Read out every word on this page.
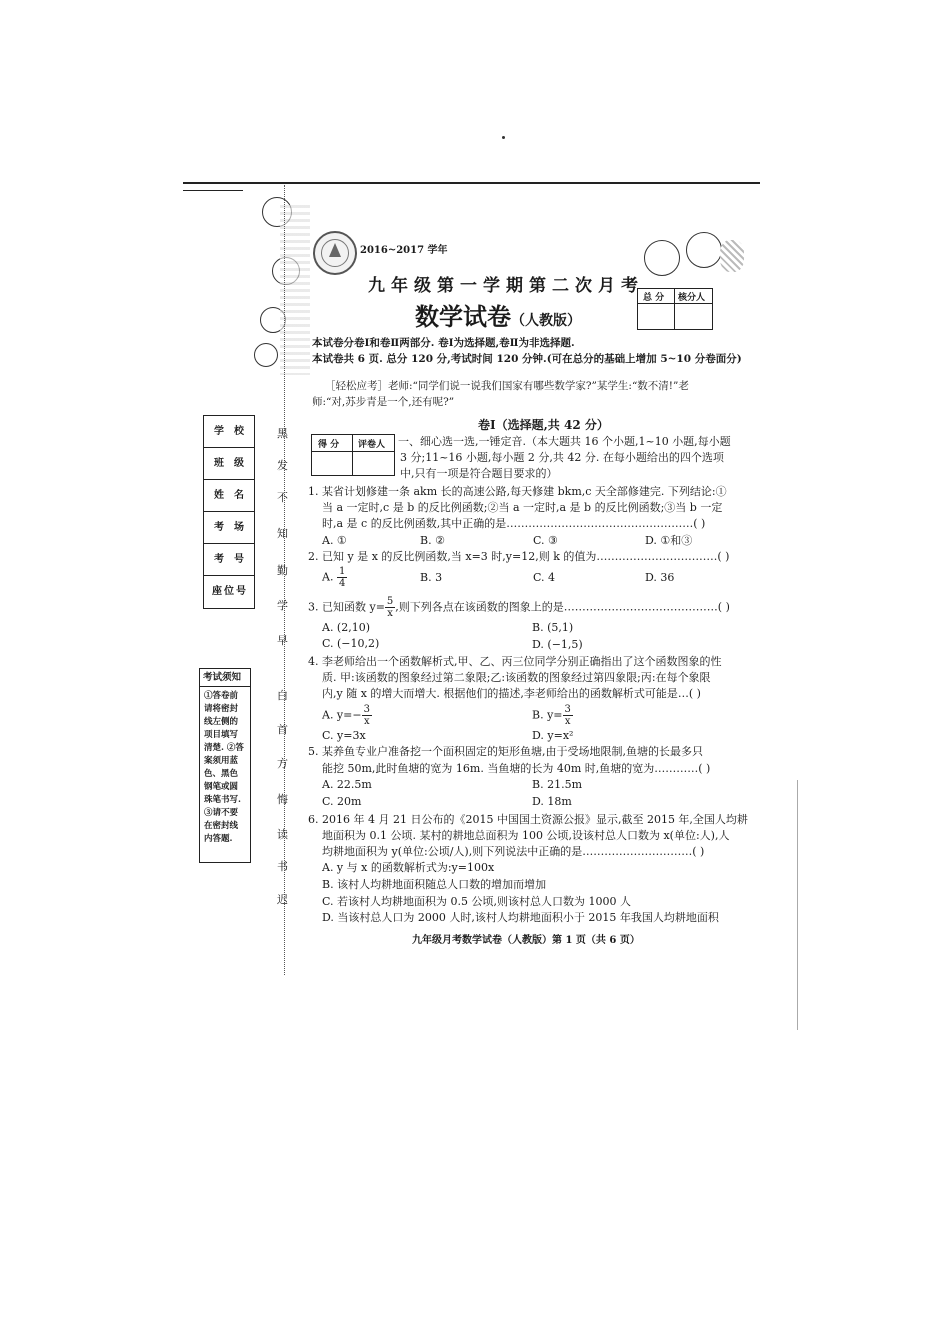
学校
班级
姓名
考场
考号
座位号
考试须知
①答卷前请将密封线左侧的项目填写清楚. ②答案须用蓝色、黑色钢笔或圆珠笔书写. ③请不要在密封线内答题.
黑
发
不
知
勤
学
早
白
首
方
悔
读
书
迟
2016~2017 学年
九年级第一学期第二次月考
数学试卷（人教版）
总 分 核分人
本试卷分卷Ⅰ和卷Ⅱ两部分. 卷Ⅰ为选择题,卷Ⅱ为非选择题.
本试卷共 6 页. 总分 120 分,考试时间 120 分钟.(可在总分的基础上增加 5~10 分卷面分)
［轻松应考］老师:“同学们说一说我们国家有哪些数学家?”某学生:“数不清!”老
师:“对,苏步青是一个,还有呢?”
卷Ⅰ（选择题,共 42 分）
得 分 评卷人 一、细心选一选,一锤定音.（本大题共 16 个小题,1~10 小题,每小题
3 分;11~16 小题,每小题 2 分,共 42 分. 在每小题给出的四个选项
中,只有一项是符合题目要求的）
1. 某省计划修建一条 akm 长的高速公路,每天修建 bkm,c 天全部修建完. 下列结论:①
当 a 一定时,c 是 b 的反比例函数;②当 a 一定时,a 是 b 的反比例函数;③当 b 一定
时,a 是 c 的反比例函数,其中正确的是……………………………………………( )
A. ①	B. ②	C. ③	D. ①和③
2. 已知 y 是 x 的反比例函数,当 x=3 时,y=12,则 k 的值为……………………………( )
A. $\frac{1}{4}$	B. 3	C. 4	D. 36
3. 已知函数 $y= \frac{5}{x}$ ,则下列各点在该函数的图象上的是……………………………………( )
A. (2,10)	B. (5,1)
C. (−10,2)	D. (−1,5)
4. 李老师给出一个函数解析式,甲、乙、丙三位同学分别正确指出了这个函数图象的性
质. 甲:该函数的图象经过第二象限;乙:该函数的图象经过第四象限;丙:在每个象限
内,y 随 x 的增大而增大. 根据他们的描述,李老师给出的函数解析式可能是…( )
A. $y=- \frac{3}{x}$	B. $y= \frac{3}{x}$
C. y=3x	D. y=x²
5. 某养鱼专业户准备挖一个面积固定的矩形鱼塘,由于受场地限制,鱼塘的长最多只
能挖 50m,此时鱼塘的宽为 16m. 当鱼塘的长为 40m 时,鱼塘的宽为…………( )
A. 22.5m	B. 21.5m
C. 20m	D. 18m
6. 2016 年 4 月 21 日公布的《2015 中国国土资源公报》显示,截至 2015 年,全国人均耕
地面积为 0.1 公顷. 某村的耕地总面积为 100 公顷,设该村总人口数为 x(单位:人),人
均耕地面积为 y(单位:公顷/人),则下列说法中正确的是…………………………( )
A. y 与 x 的函数解析式为:y=100x
B. 该村人均耕地面积随总人口数的增加而增加
C. 若该村人均耕地面积为 0.5 公顷,则该村总人口数为 1000 人
D. 当该村总人口为 2000 人时,该村人均耕地面积小于 2015 年我国人均耕地面积
九年级月考数学试卷（人教版）第 1 页（共 6 页）
